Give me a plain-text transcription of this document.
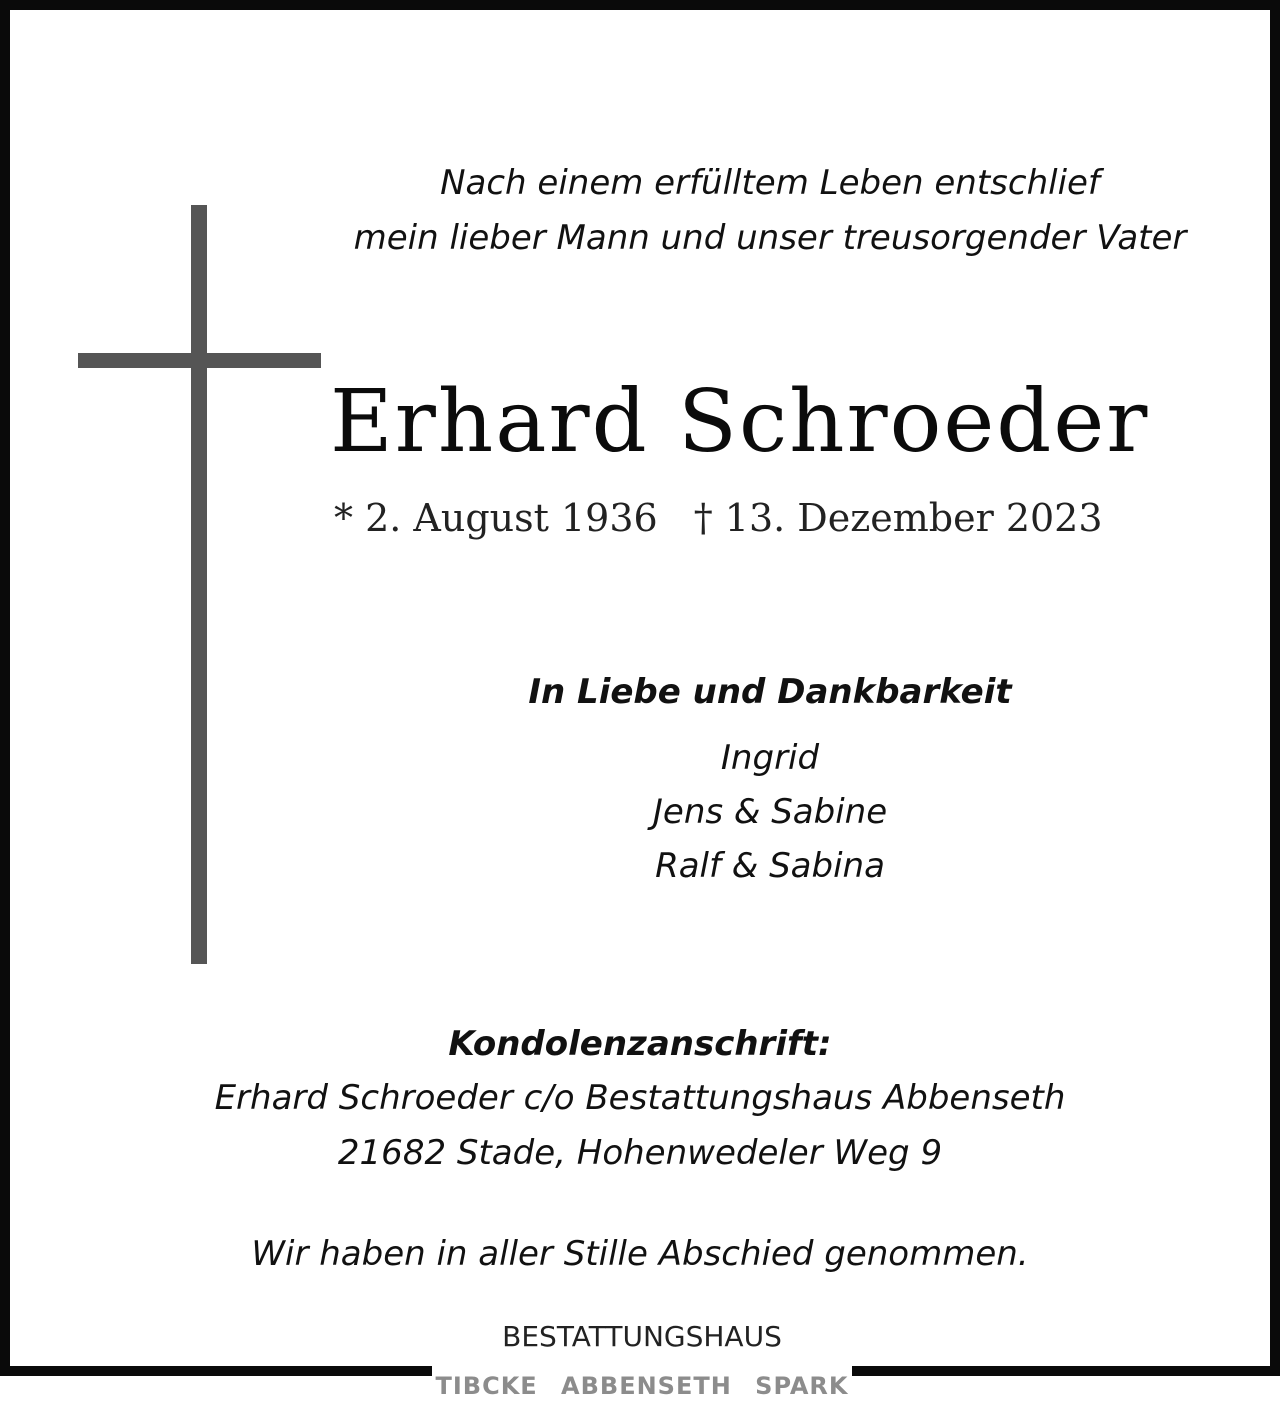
Nach einem erfülltem Leben entschlief
mein lieber Mann und unser treusorgender Vater
Erhard Schroeder
* 2. August 1936 † 13. Dezember 2023
In Liebe und Dankbarkeit
Ingrid
Jens & Sabine
Ralf & Sabina
Kondolenzanschrift:
Erhard Schroeder c/o Bestattungshaus Abbenseth
21682 Stade, Hohenwedeler Weg 9
Wir haben in aller Stille Abschied genommen.
BESTATTUNGSHAUS
TIBCKE ABBENSETH SPARK
